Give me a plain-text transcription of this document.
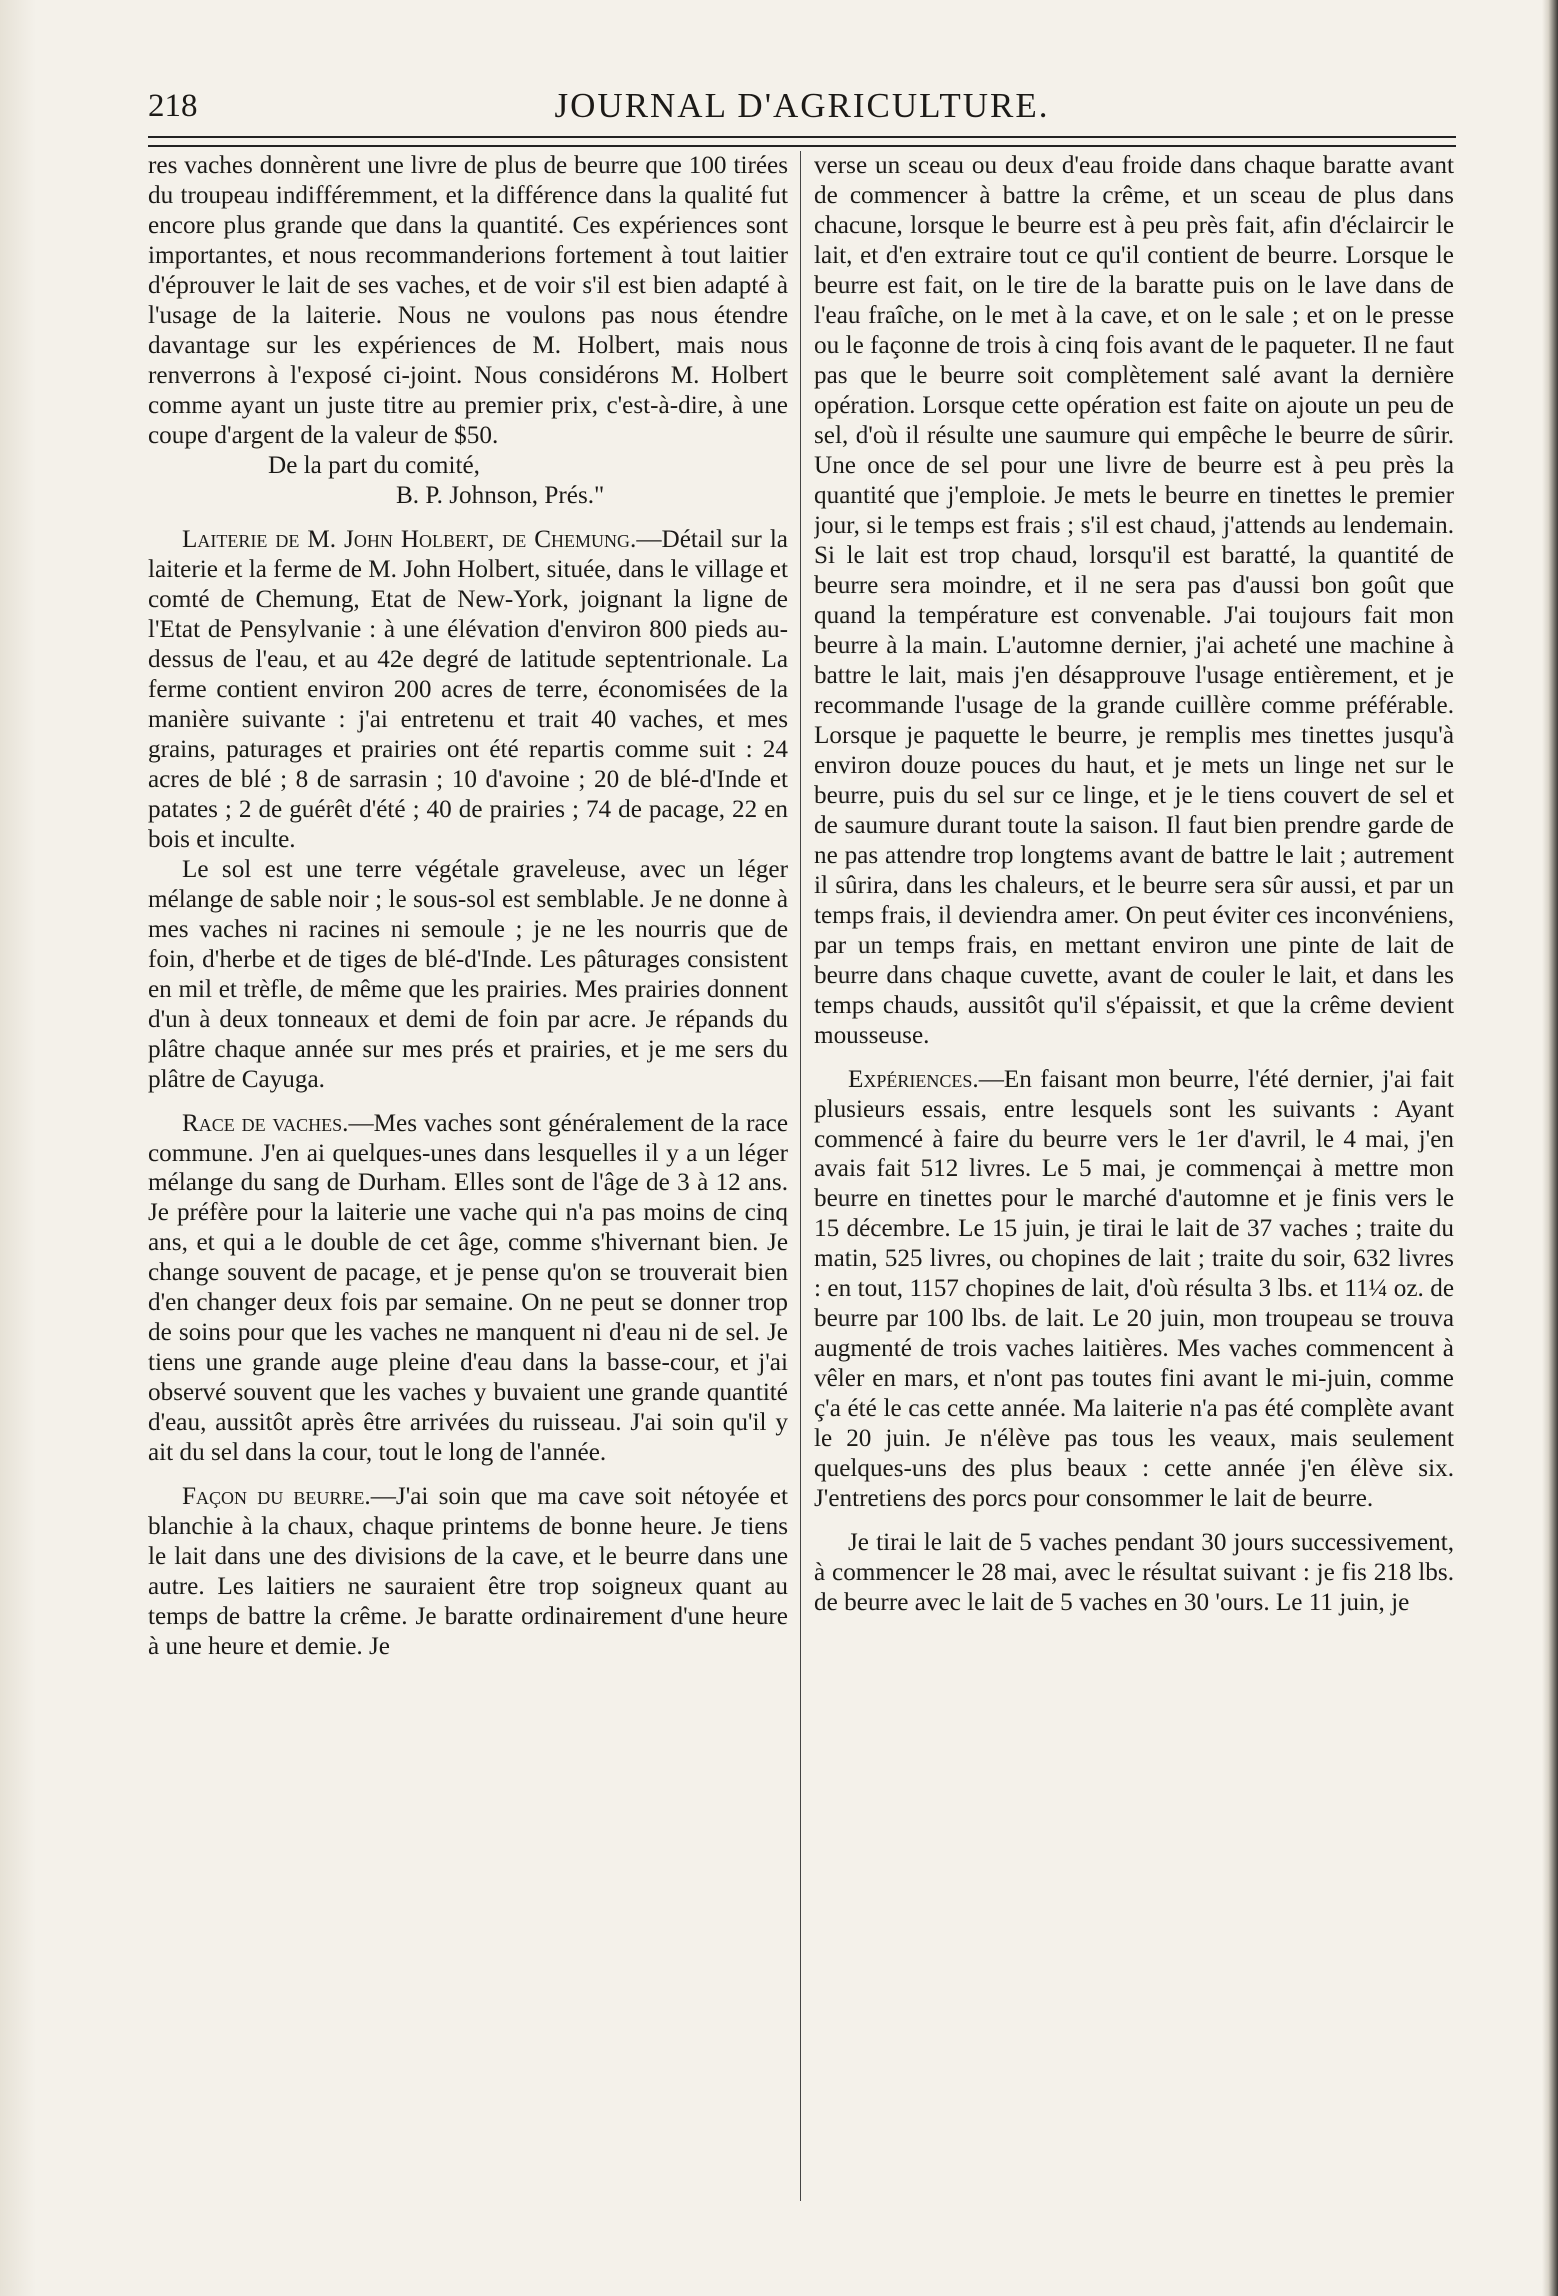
218	JOURNAL D'AGRICULTURE.

res vaches donnèrent une livre de plus de beurre que 100 tirées du troupeau indifféremment, et la différence dans la qualité fut encore plus grande que dans la quantité. Ces expériences sont importantes, et nous recommanderions fortement à tout laitier d'éprouver le lait de ses vaches, et de voir s'il est bien adapté à l'usage de la laiterie. Nous ne voulons pas nous étendre davantage sur les expériences de M. Holbert, mais nous renverrons à l'exposé ci-joint. Nous considérons M. Holbert comme ayant un juste titre au premier prix, c'est-à-dire, à une coupe d'argent de la valeur de $50.

De la part du comité,

B. P. Johnson, Prés."

Laiterie de M. John Holbert, de Chemung.—Détail sur la laiterie et la ferme de M. John Holbert, située, dans le village et comté de Chemung, Etat de New-York, joignant la ligne de l'Etat de Pensylvanie : à une élévation d'environ 800 pieds au-dessus de l'eau, et au 42e degré de latitude septentrionale. La ferme contient environ 200 acres de terre, économisées de la manière suivante : j'ai entretenu et trait 40 vaches, et mes grains, paturages et prairies ont été repartis comme suit : 24 acres de blé ; 8 de sarrasin ; 10 d'avoine ; 20 de blé-d'Inde et patates ; 2 de guérêt d'été ; 40 de prairies ; 74 de pacage, 22 en bois et inculte.

Le sol est une terre végétale graveleuse, avec un léger mélange de sable noir ; le sous-sol est semblable. Je ne donne à mes vaches ni racines ni semoule ; je ne les nourris que de foin, d'herbe et de tiges de blé-d'Inde. Les pâturages consistent en mil et trèfle, de même que les prairies. Mes prairies donnent d'un à deux tonneaux et demi de foin par acre. Je répands du plâtre chaque année sur mes prés et prairies, et je me sers du plâtre de Cayuga.

Race de vaches.—Mes vaches sont généralement de la race commune. J'en ai quelques-unes dans lesquelles il y a un léger mélange du sang de Durham. Elles sont de l'âge de 3 à 12 ans. Je préfère pour la laiterie une vache qui n'a pas moins de cinq ans, et qui a le double de cet âge, comme s'hivernant bien. Je change souvent de pacage, et je pense qu'on se trouverait bien d'en changer deux fois par semaine. On ne peut se donner trop de soins pour que les vaches ne manquent ni d'eau ni de sel. Je tiens une grande auge pleine d'eau dans la basse-cour, et j'ai observé souvent que les vaches y buvaient une grande quantité d'eau, aussitôt après être arrivées du ruisseau. J'ai soin qu'il y ait du sel dans la cour, tout le long de l'année.

Façon du beurre.—J'ai soin que ma cave soit nétoyée et blanchie à la chaux, chaque printems de bonne heure. Je tiens le lait dans une des divisions de la cave, et le beurre dans une autre. Les laitiers ne sauraient être trop soigneux quant au temps de battre la crême. Je baratte ordinairement d'une heure à une heure et demie. Je

verse un sceau ou deux d'eau froide dans chaque baratte avant de commencer à battre la crême, et un sceau de plus dans chacune, lorsque le beurre est à peu près fait, afin d'éclaircir le lait, et d'en extraire tout ce qu'il contient de beurre. Lorsque le beurre est fait, on le tire de la baratte puis on le lave dans de l'eau fraîche, on le met à la cave, et on le sale ; et on le presse ou le façonne de trois à cinq fois avant de le paqueter. Il ne faut pas que le beurre soit complètement salé avant la dernière opération. Lorsque cette opération est faite on ajoute un peu de sel, d'où il résulte une saumure qui empêche le beurre de sûrir. Une once de sel pour une livre de beurre est à peu près la quantité que j'emploie. Je mets le beurre en tinettes le premier jour, si le temps est frais ; s'il est chaud, j'attends au lendemain. Si le lait est trop chaud, lorsqu'il est baratté, la quantité de beurre sera moindre, et il ne sera pas d'aussi bon goût que quand la température est convenable. J'ai toujours fait mon beurre à la main. L'automne dernier, j'ai acheté une machine à battre le lait, mais j'en désapprouve l'usage entièrement, et je recommande l'usage de la grande cuillère comme préférable. Lorsque je paquette le beurre, je remplis mes tinettes jusqu'à environ douze pouces du haut, et je mets un linge net sur le beurre, puis du sel sur ce linge, et je le tiens couvert de sel et de saumure durant toute la saison. Il faut bien prendre garde de ne pas attendre trop longtems avant de battre le lait ; autrement il sûrira, dans les chaleurs, et le beurre sera sûr aussi, et par un temps frais, il deviendra amer. On peut éviter ces inconvéniens, par un temps frais, en mettant environ une pinte de lait de beurre dans chaque cuvette, avant de couler le lait, et dans les temps chauds, aussitôt qu'il s'épaissit, et que la crême devient mousseuse.

Expériences.—En faisant mon beurre, l'été dernier, j'ai fait plusieurs essais, entre lesquels sont les suivants : Ayant commencé à faire du beurre vers le 1er d'avril, le 4 mai, j'en avais fait 512 livres. Le 5 mai, je commençai à mettre mon beurre en tinettes pour le marché d'automne et je finis vers le 15 décembre. Le 15 juin, je tirai le lait de 37 vaches ; traite du matin, 525 livres, ou chopines de lait ; traite du soir, 632 livres : en tout, 1157 chopines de lait, d'où résulta 3 lbs. et 11¼ oz. de beurre par 100 lbs. de lait. Le 20 juin, mon troupeau se trouva augmenté de trois vaches laitières. Mes vaches commencent à vêler en mars, et n'ont pas toutes fini avant le mi-juin, comme ç'a été le cas cette année. Ma laiterie n'a pas été complète avant le 20 juin. Je n'élève pas tous les veaux, mais seulement quelques-uns des plus beaux : cette année j'en élève six. J'entretiens des porcs pour consommer le lait de beurre.

Je tirai le lait de 5 vaches pendant 30 jours successivement, à commencer le 28 mai, avec le résultat suivant : je fis 218 lbs. de beurre avec le lait de 5 vaches en 30 'ours. Le 11 juin, je
